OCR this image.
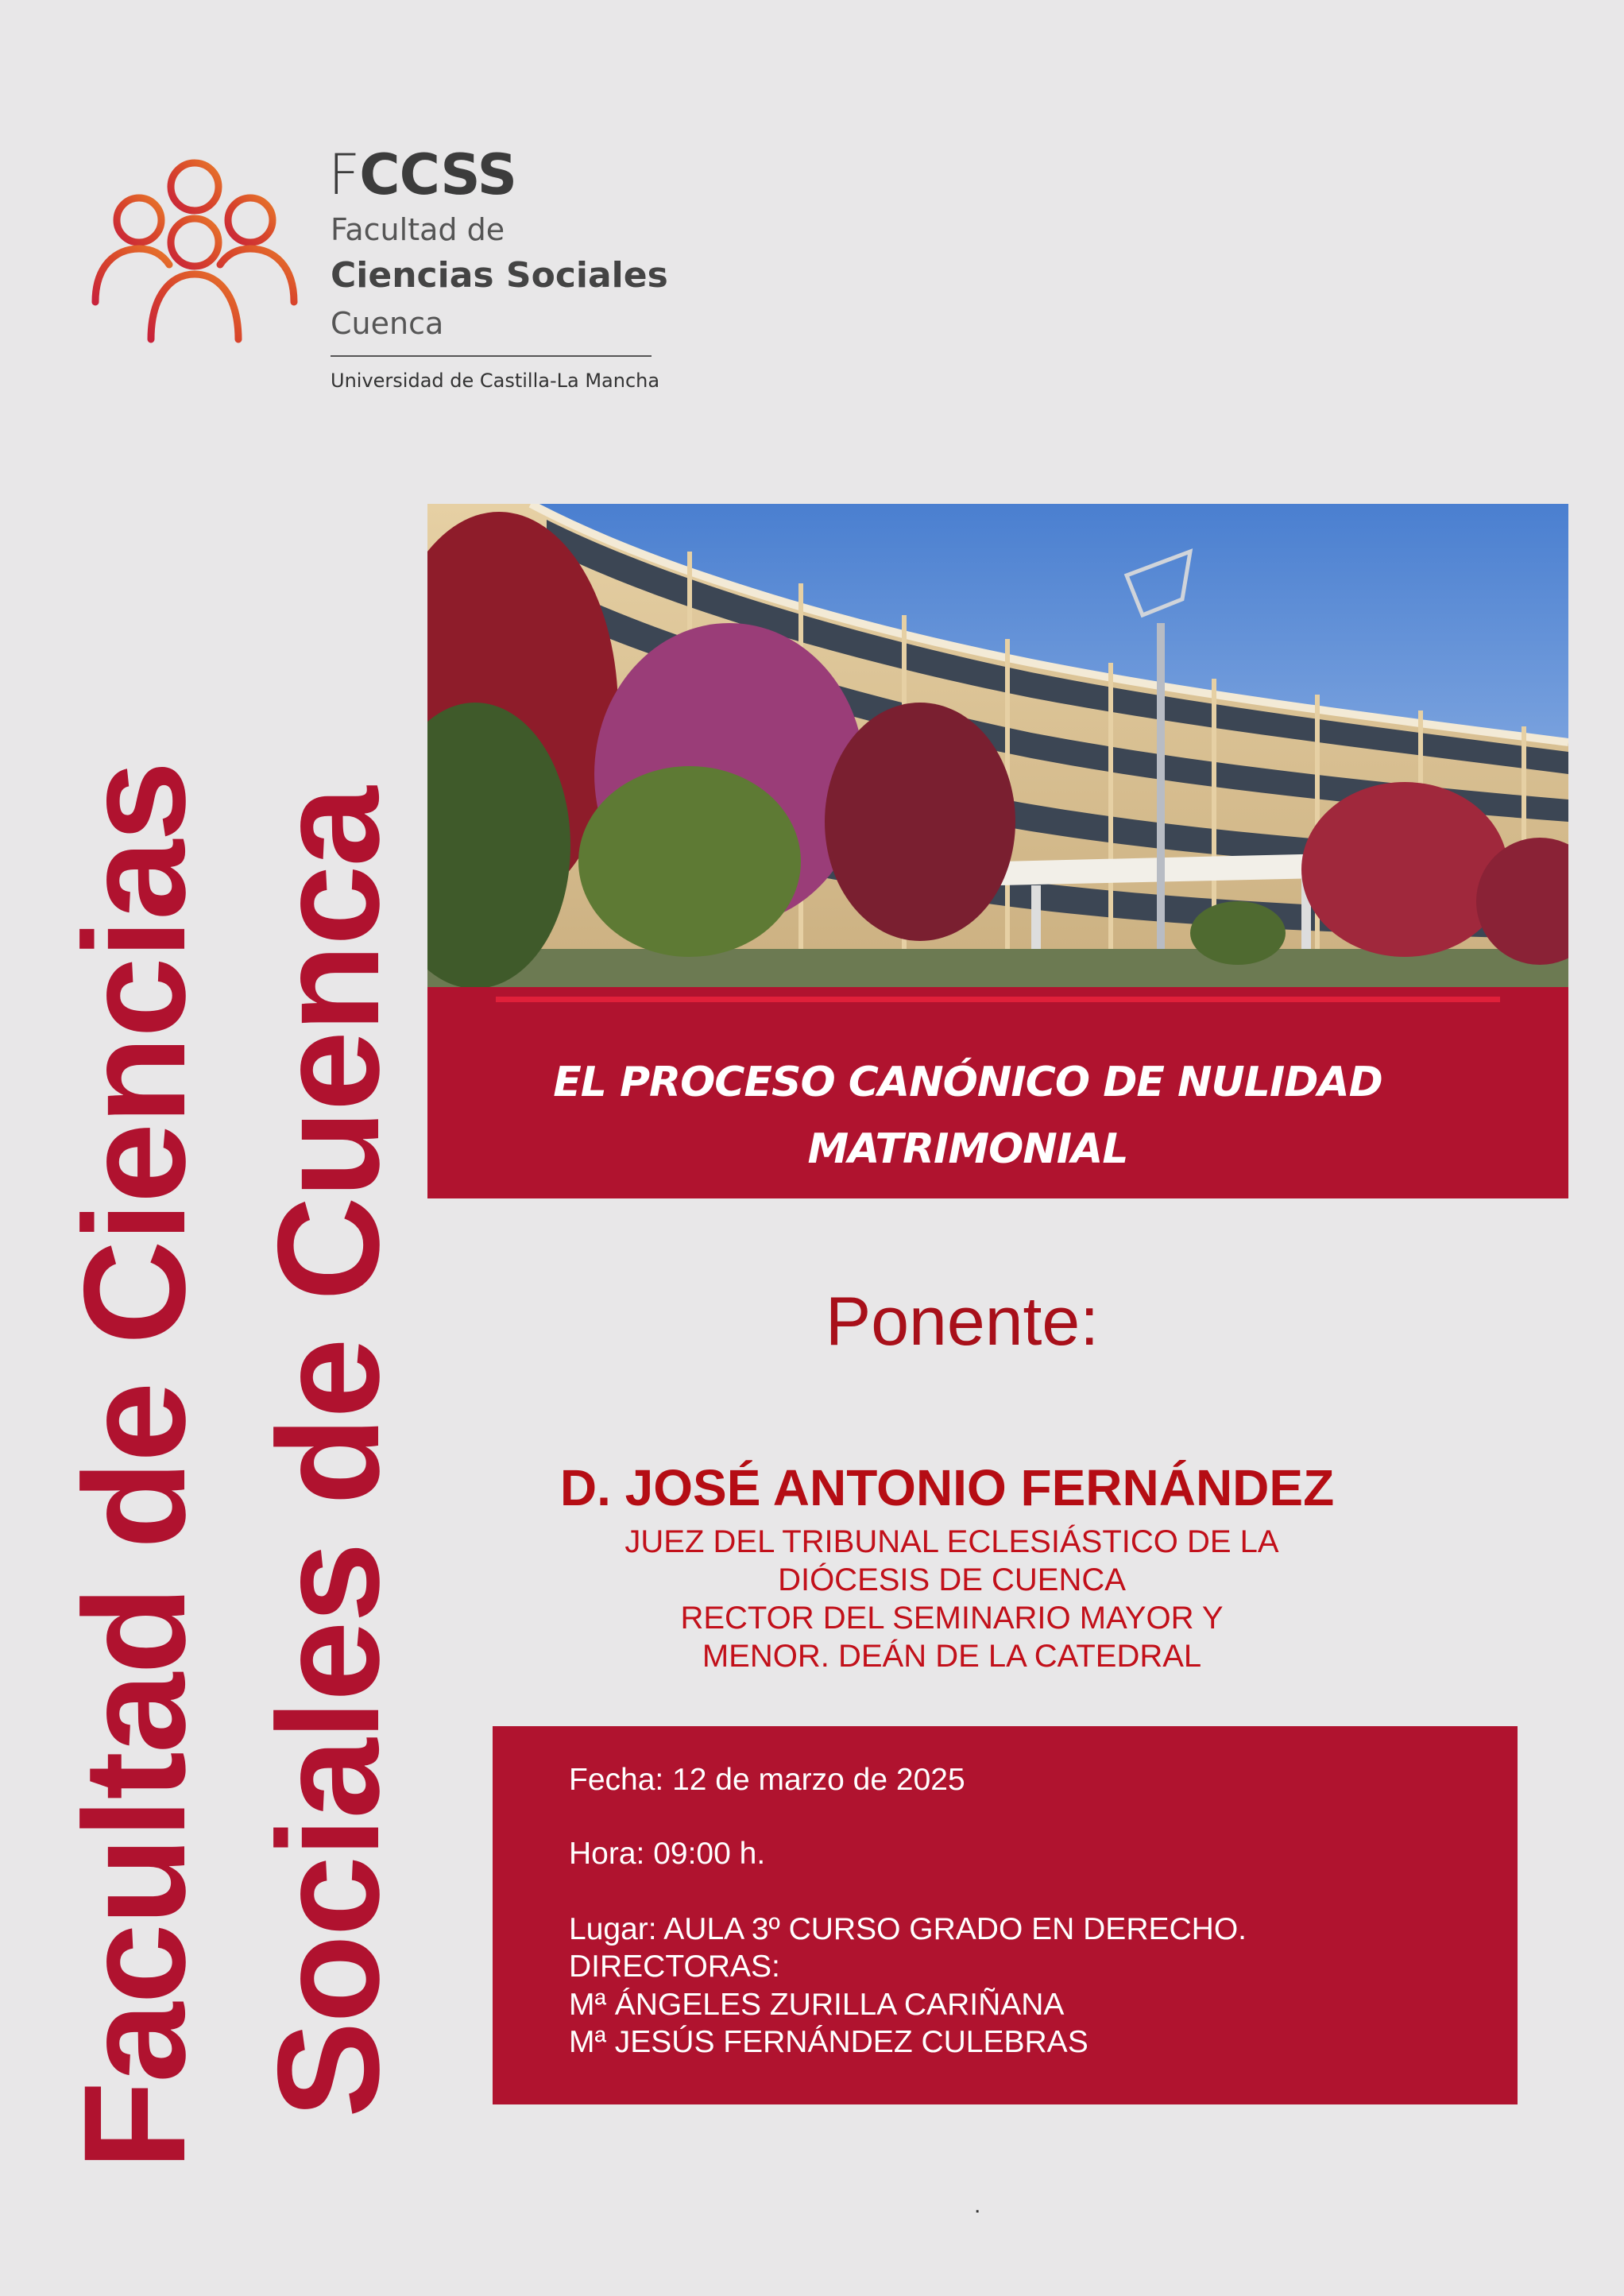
FCCSS
Facultad de
Ciencias Sociales
Cuenca
Universidad de Castilla-La Mancha
Facultad de Ciencias Sociales de Cuenca	EL PROCESO CANÓNICO DE NULIDAD
MATRIMONIAL
Ponente:
D. JOSÉ ANTONIO FERNÁNDEZ
JUEZ DEL TRIBUNAL ECLESIÁSTICO DE LA
DIÓCESIS DE CUENCA
RECTOR DEL SEMINARIO MAYOR Y
MENOR. DEÁN DE LA CATEDRAL
Fecha: 12 de marzo de 2025
Hora: 09:00 h.
Lugar: AULA 3º CURSO GRADO EN DERECHO.
DIRECTORAS:
Mª ÁNGELES ZURILLA CARIÑANA
Mª JESÚS FERNÁNDEZ CULEBRAS
.
